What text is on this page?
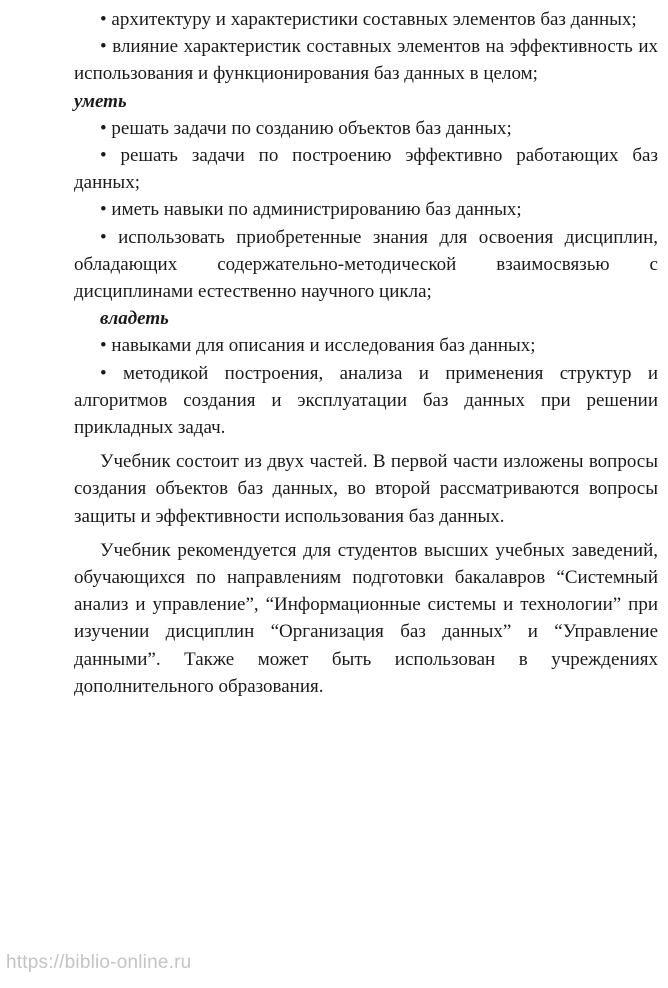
• архитектуру и характеристики составных элементов баз данных;

• влияние характеристик составных элементов на эффективность их использования и функционирования баз данных в целом;

уметь

• решать задачи по созданию объектов баз данных;

• решать задачи по построению эффективно работающих баз данных;

• иметь навыки по администрированию баз данных;

• использовать приобретенные знания для освоения дисциплин, обладающих содержательно-методической взаимосвязью с дисциплинами естественно научного цикла;

владеть

• навыками для описания и исследования баз данных;

• методикой построения, анализа и применения структур и алгоритмов создания и эксплуатации баз данных при решении прикладных задач.

Учебник состоит из двух частей. В первой части изложены вопросы создания объектов баз данных, во второй рассматриваются вопросы защиты и эффективности использования баз данных.

Учебник рекомендуется для студентов высших учебных заведений, обучающихся по направлениям подготовки бакалавров “Системный анализ и управление”, “Информационные системы и технологии” при изучении дисциплин “Организация баз данных” и “Управление данными”. Также может быть использован в учреждениях дополнительного образования.

https://biblio-online.ru
